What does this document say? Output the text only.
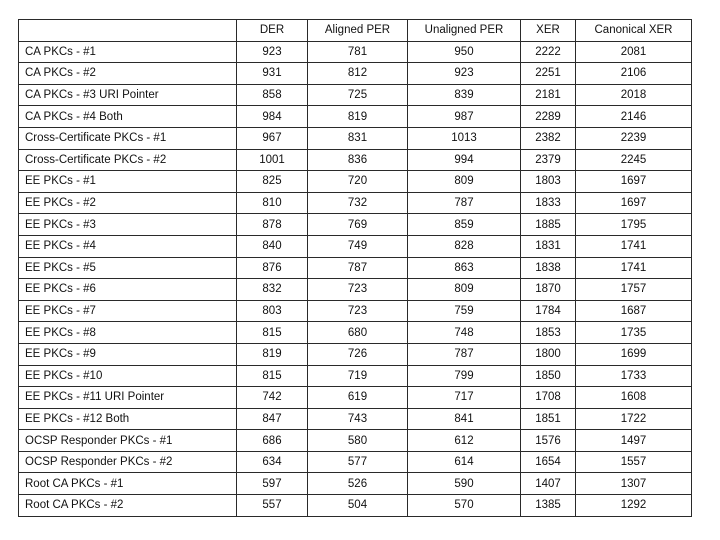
	DER	Aligned PER	Unaligned PER	XER	Canonical XER
CA PKCs - #1	923	781	950	2222	2081
CA PKCs - #2	931	812	923	2251	2106
CA PKCs - #3 URI Pointer	858	725	839	2181	2018
CA PKCs - #4 Both	984	819	987	2289	2146
Cross-Certificate PKCs - #1	967	831	1013	2382	2239
Cross-Certificate PKCs - #2	1001	836	994	2379	2245
EE PKCs - #1	825	720	809	1803	1697
EE PKCs - #2	810	732	787	1833	1697
EE PKCs - #3	878	769	859	1885	1795
EE PKCs - #4	840	749	828	1831	1741
EE PKCs - #5	876	787	863	1838	1741
EE PKCs - #6	832	723	809	1870	1757
EE PKCs - #7	803	723	759	1784	1687
EE PKCs - #8	815	680	748	1853	1735
EE PKCs - #9	819	726	787	1800	1699
EE PKCs - #10	815	719	799	1850	1733
EE PKCs - #11 URI Pointer	742	619	717	1708	1608
EE PKCs - #12 Both	847	743	841	1851	1722
OCSP Responder PKCs - #1	686	580	612	1576	1497
OCSP Responder PKCs - #2	634	577	614	1654	1557
Root CA PKCs - #1	597	526	590	1407	1307
Root CA PKCs - #2	557	504	570	1385	1292
